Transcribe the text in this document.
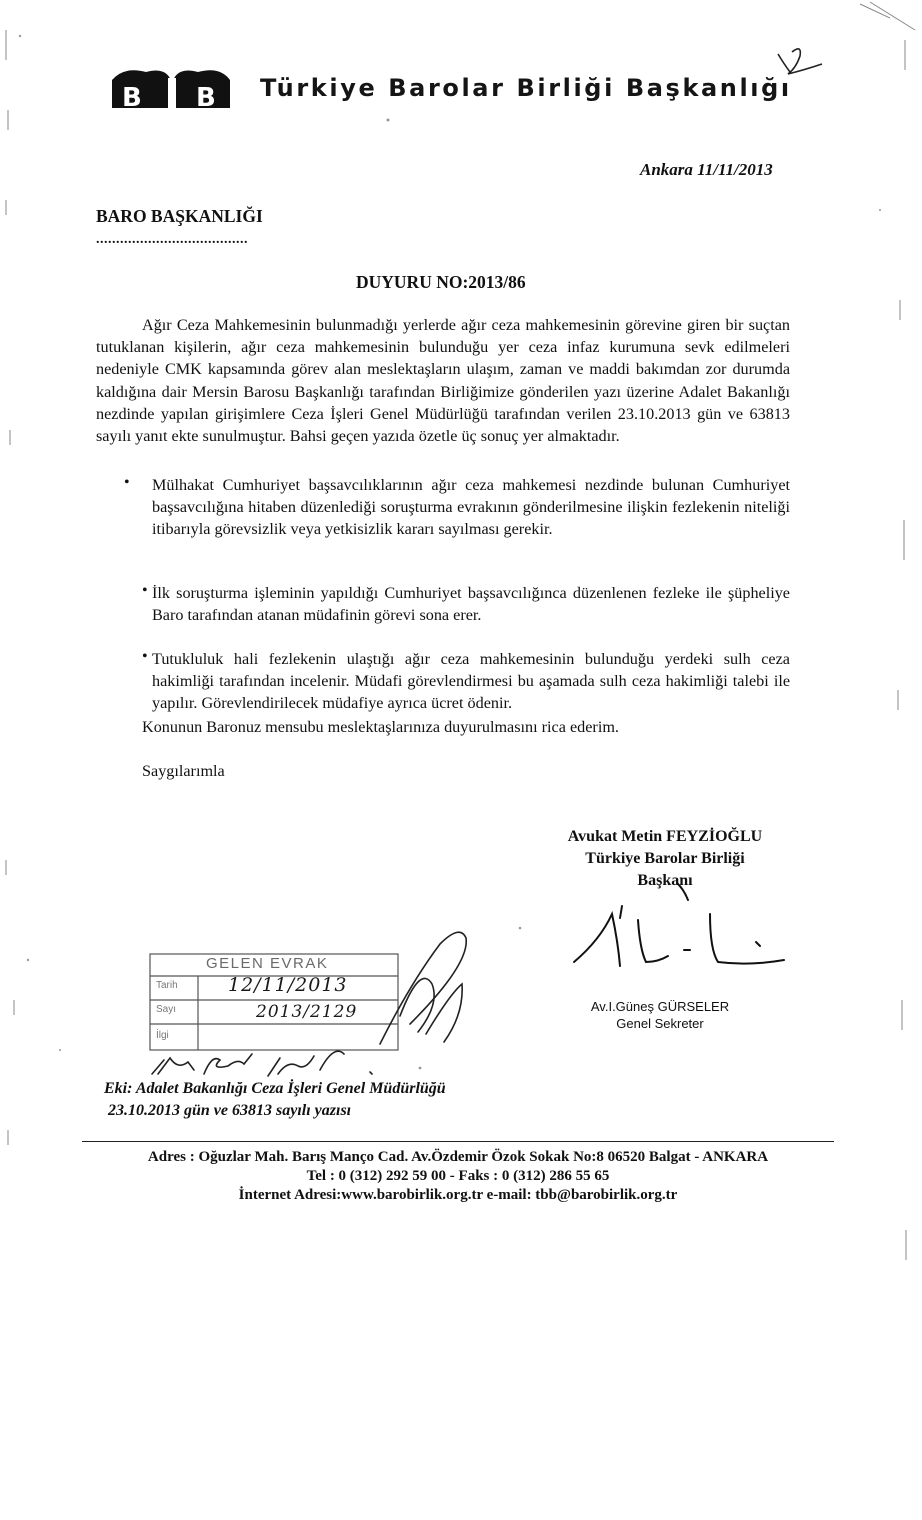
B B Türkiye Barolar Birliği Başkanlığı
Ankara 11/11/2013
BARO BAŞKANLIĞI
......................................
DUYURU NO:2013/86

Ağır Ceza Mahkemesinin bulunmadığı yerlerde ağır ceza mahkemesinin görevine giren bir suçtan tutuklanan kişilerin, ağır ceza mahkemesinin bulunduğu yer ceza infaz kurumuna sevk edilmeleri nedeniyle CMK kapsamında görev alan meslektaşların ulaşım, zaman ve maddi bakımdan zor durumda kaldığına dair Mersin Barosu Başkanlığı tarafından Birliğimize gönderilen yazı üzerine Adalet Bakanlığı nezdinde yapılan girişimlere Ceza İşleri Genel Müdürlüğü tarafından verilen 23.10.2013 gün ve 63813 sayılı yanıt ekte sunulmuştur. Bahsi geçen yazıda özetle üç sonuç yer almaktadır.

• Mülhakat Cumhuriyet başsavcılıklarının ağır ceza mahkemesi nezdinde bulunan Cumhuriyet başsavcılığına hitaben düzenlediği soruşturma evrakının gönderilmesine ilişkin fezlekenin niteliği itibarıyla görevsizlik veya yetkisizlik kararı sayılması gerekir.

• İlk soruşturma işleminin yapıldığı Cumhuriyet başsavcılığınca düzenlenen fezleke ile şüpheliye Baro tarafından atanan müdafinin görevi sona erer.

• Tutukluluk hali fezlekenin ulaştığı ağır ceza mahkemesinin bulunduğu yerdeki sulh ceza hakimliği tarafından incelenir. Müdafi görevlendirmesi bu aşamada sulh ceza hakimliği talebi ile yapılır. Görevlendirilecek müdafiye ayrıca ücret ödenir.

Konunun Baronuz mensubu meslektaşlarınıza duyurulmasını rica ederim.
Saygılarımla
Avukat Metin FEYZİOĞLU
Türkiye Barolar Birliği
Başkanı
Av.I.Güneş GÜRSELER
Genel Sekreter
GELEN EVRAK
Tarih
Sayı
İlgi
12/11/2013
2013/2129
Eki: Adalet Bakanlığı Ceza İşleri Genel Müdürlüğü
23.10.2013 gün ve 63813 sayılı yazısı
Adres : Oğuzlar Mah. Barış Manço Cad. Av.Özdemir Özok Sokak No:8 06520 Balgat - ANKARA
Tel : 0 (312) 292 59 00 - Faks : 0 (312) 286 55 65
İnternet Adresi:www.barobirlik.org.tr e-mail: tbb@barobirlik.org.tr
